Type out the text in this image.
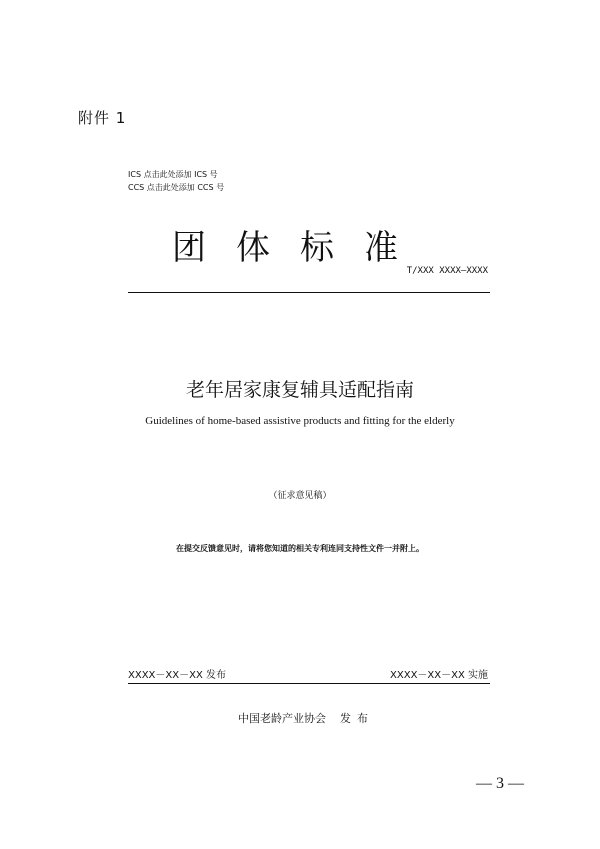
附件 1
ICS 点击此处添加 ICS 号
CCS 点击此处添加 CCS 号
团体标准
T/XXX XXXX—XXXX
老年居家康复辅具适配指南
Guidelines of home-based assistive products and fitting for the elderly
（征求意见稿）
在提交反馈意见时，请将您知道的相关专利连同支持性文件一并附上。
XXXX－XX－XX 发布	XXXX－XX－XX 实施
中国老龄产业协会 发布
— 3 —
